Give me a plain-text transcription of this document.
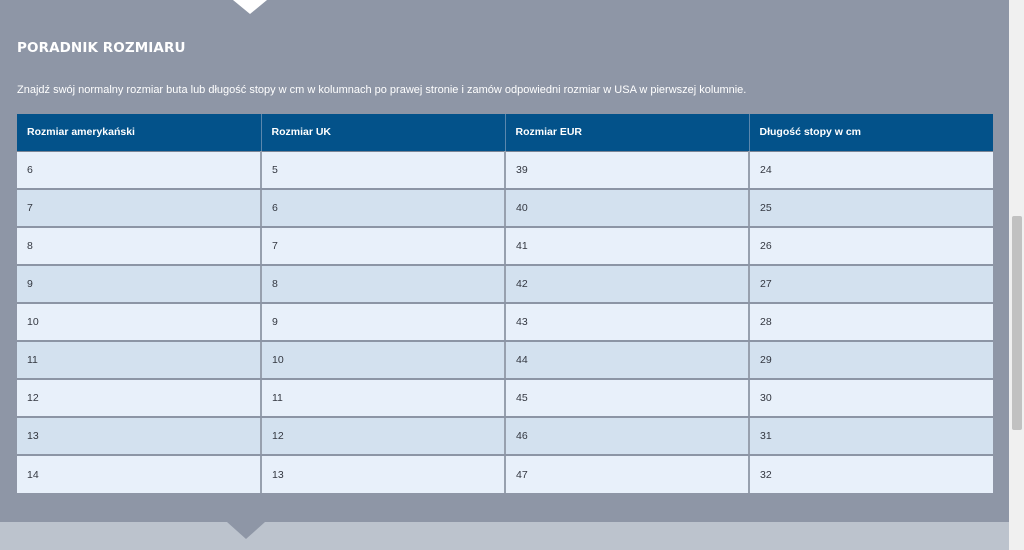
PORADNIK ROZMIARU

Znajdź swój normalny rozmiar buta lub długość stopy w cm w kolumnach po prawej stronie i zamów odpowiedni rozmiar w USA w pierwszej kolumnie.

Rozmiar amerykański	Rozmiar UK	Rozmiar EUR	Długość stopy w cm
6	5	39	24
7	6	40	25
8	7	41	26
9	8	42	27
10	9	43	28
11	10	44	29
12	11	45	30
13	12	46	31
14	13	47	32
